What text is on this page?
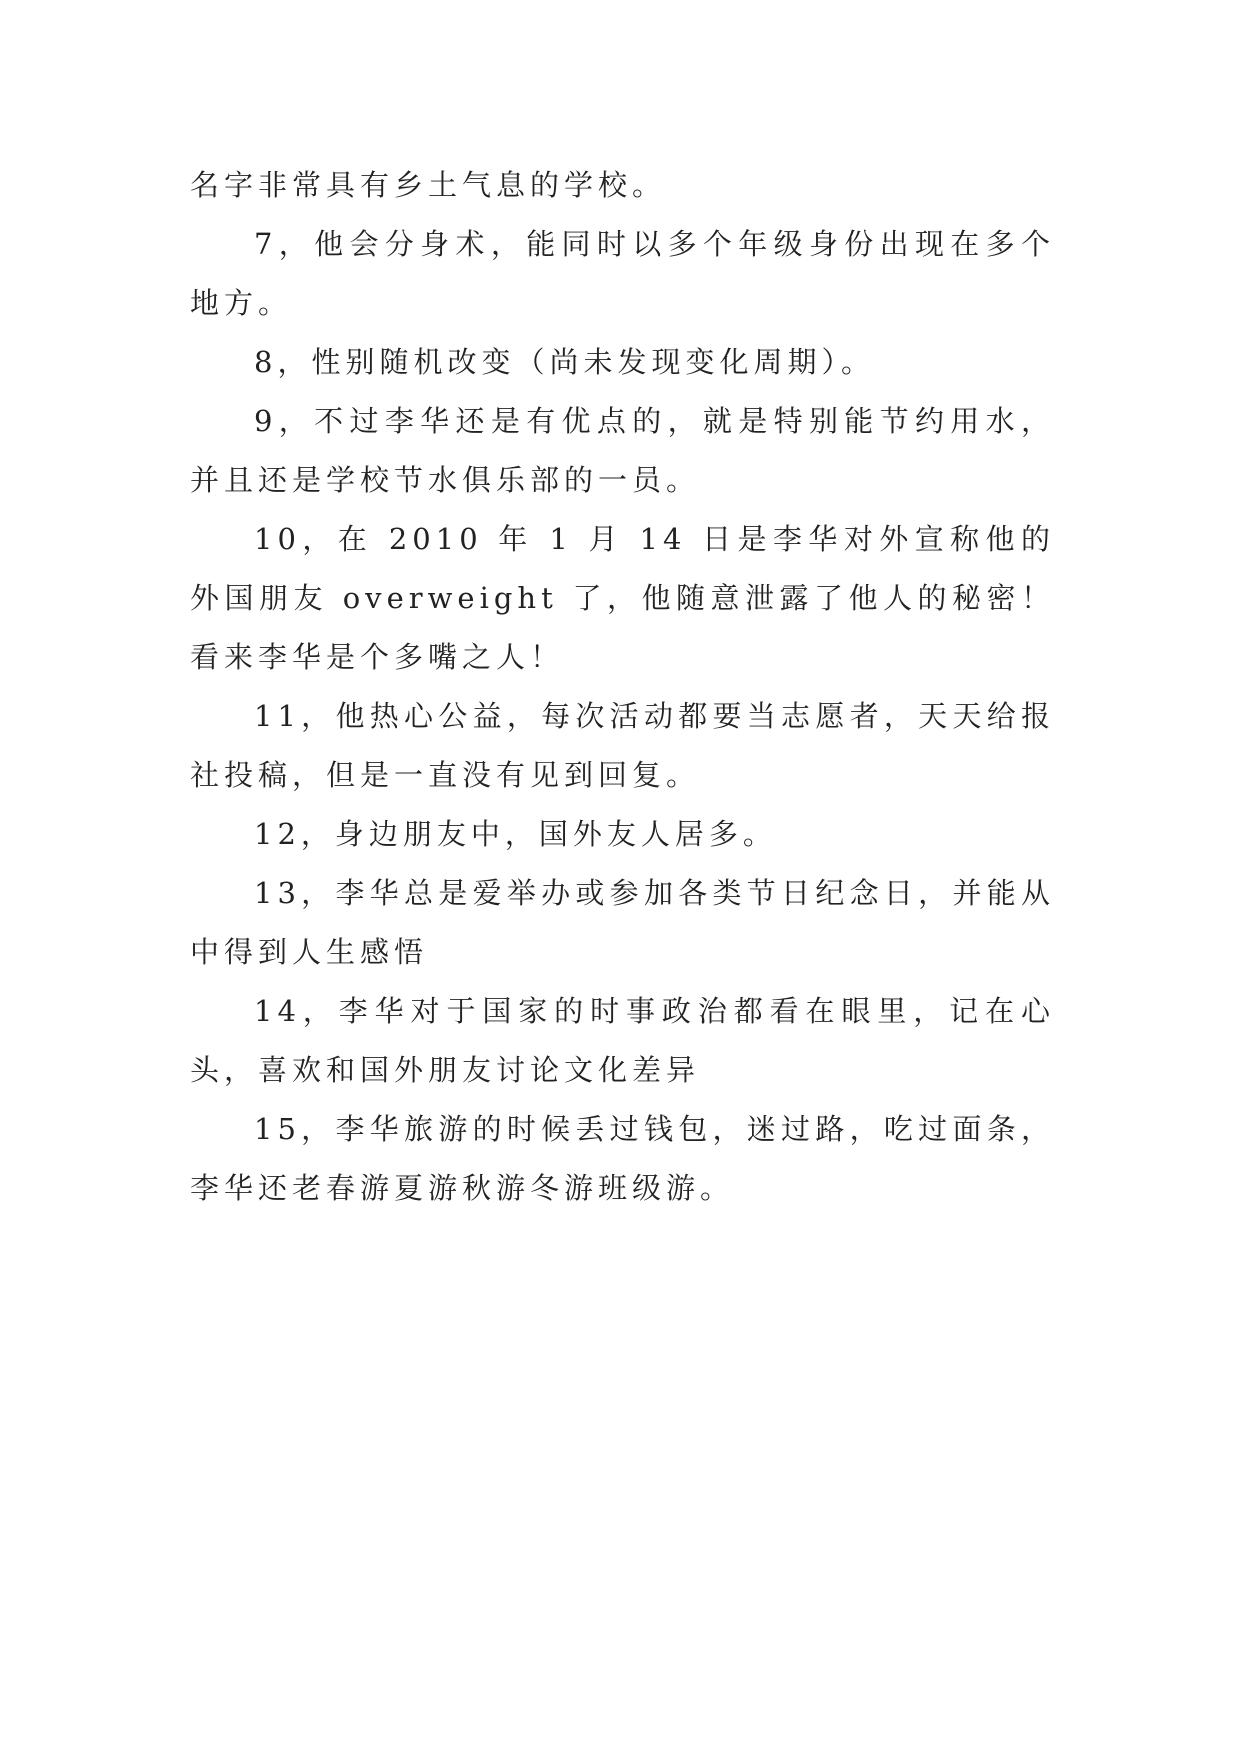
名字非常具有乡土气息的学校。

7，他会分身术，能同时以多个年级身份出现在多个地方。

8，性别随机改变（尚未发现变化周期）。

9，不过李华还是有优点的，就是特别能节约用水，并且还是学校节水俱乐部的一员。

10，在 2010 年 1 月 14 日是李华对外宣称他的外国朋友 overweight 了，他随意泄露了他人的秘密！看来李华是个多嘴之人！

11，他热心公益，每次活动都要当志愿者，天天给报社投稿，但是一直没有见到回复。

12，身边朋友中，国外友人居多。

13，李华总是爱举办或参加各类节日纪念日，并能从中得到人生感悟

14，李华对于国家的时事政治都看在眼里，记在心头，喜欢和国外朋友讨论文化差异

15，李华旅游的时候丢过钱包，迷过路，吃过面条，李华还老春游夏游秋游冬游班级游。
